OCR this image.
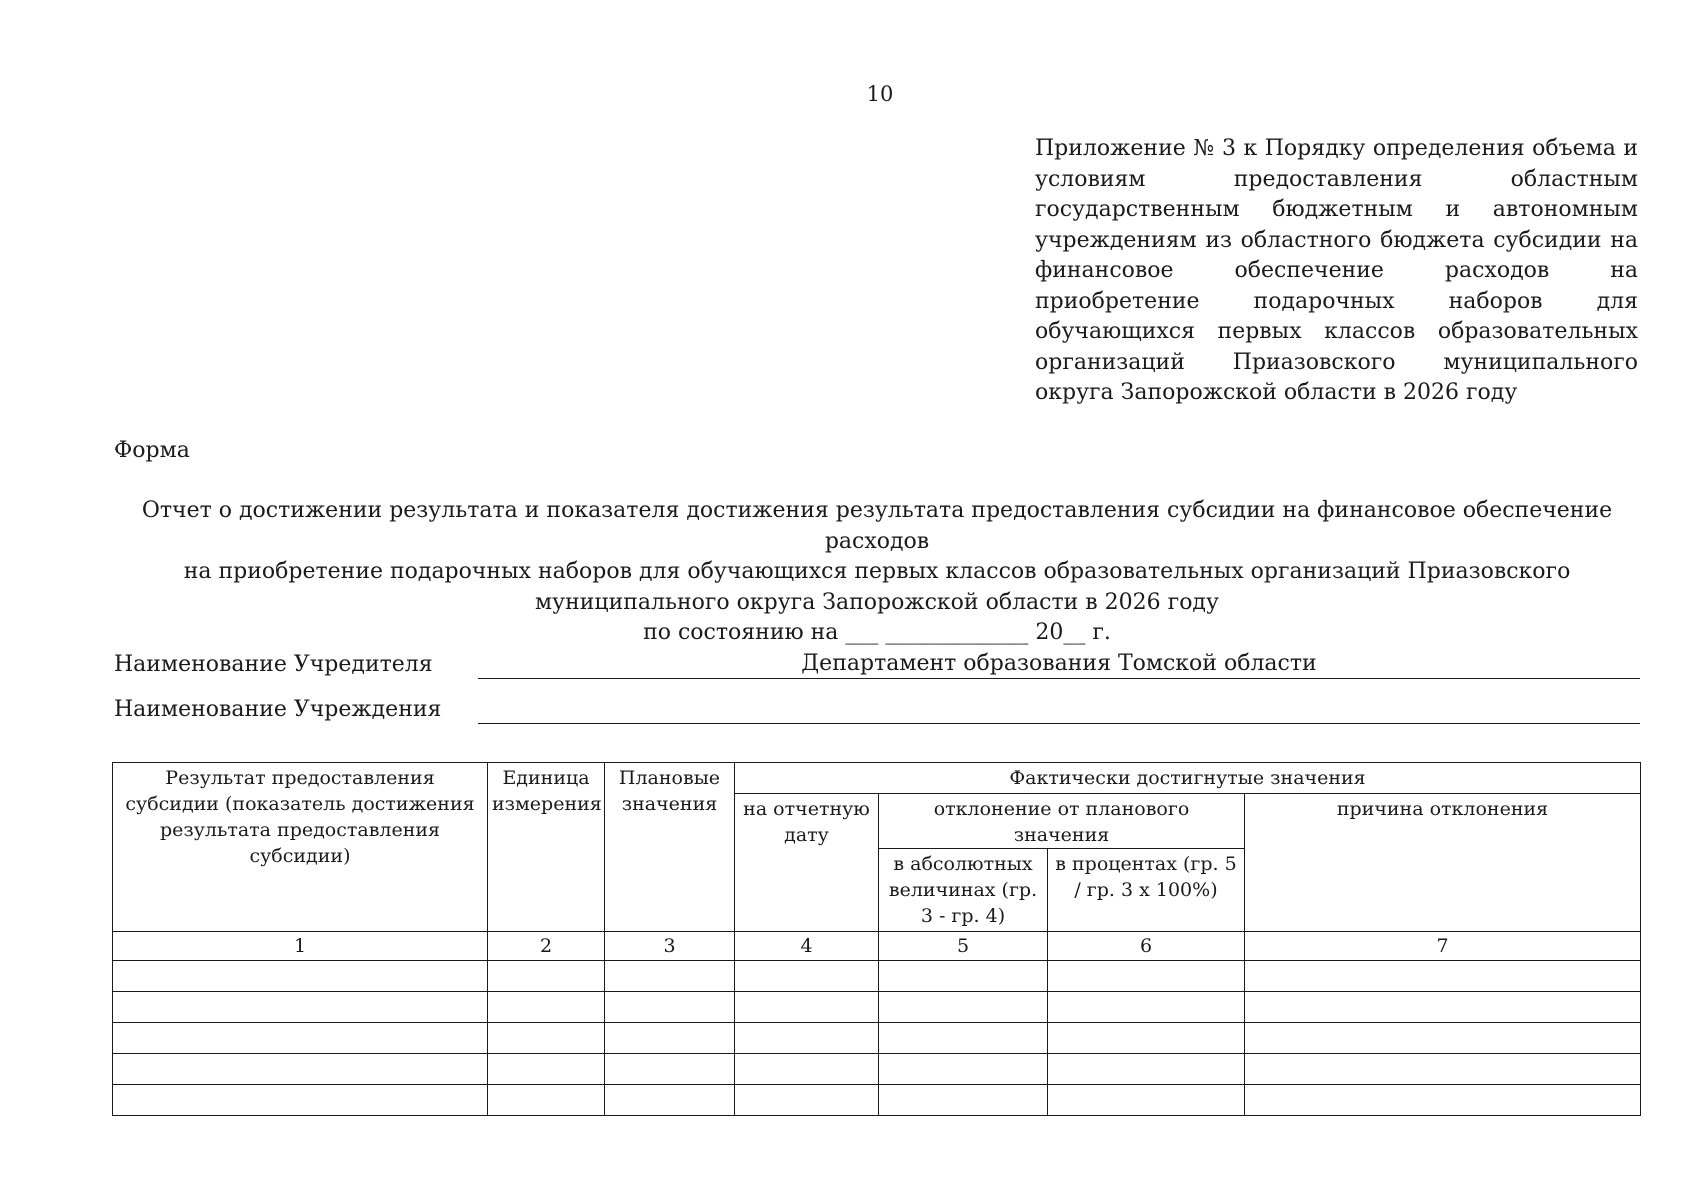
10
Приложение № 3 к Порядку определения объема и условиям предоставления областным государственным бюджетным и автономным учреждениям из областного бюджета субсидии на финансовое обеспечение расходов на приобретение подарочных наборов для обучающихся первых классов образовательных организаций Приазовского муниципального округа Запорожской области в 2026 году
Форма
Отчет о достижении результата и показателя достижения результата предоставления субсидии на финансовое обеспечение расходов
на приобретение подарочных наборов для обучающихся первых классов образовательных организаций Приазовского
муниципального округа Запорожской области в 2026 году
по состоянию на ___ _____________ 20__ г.
Наименование Учредителя	Департамент образования Томской области
Наименование Учреждения
Результат предоставления субсидии (показатель достижения результата предоставления субсидии)	Единица измерения	Плановые значения	Фактически достигнутые значения			
			на отчетную дату	отклонение от планового значения		причина отклонения
				в абсолютных величинах (гр. 3 - гр. 4)	в процентах (гр. 5 / гр. 3 x 100%)	
1	2	3	4	5	6	7
